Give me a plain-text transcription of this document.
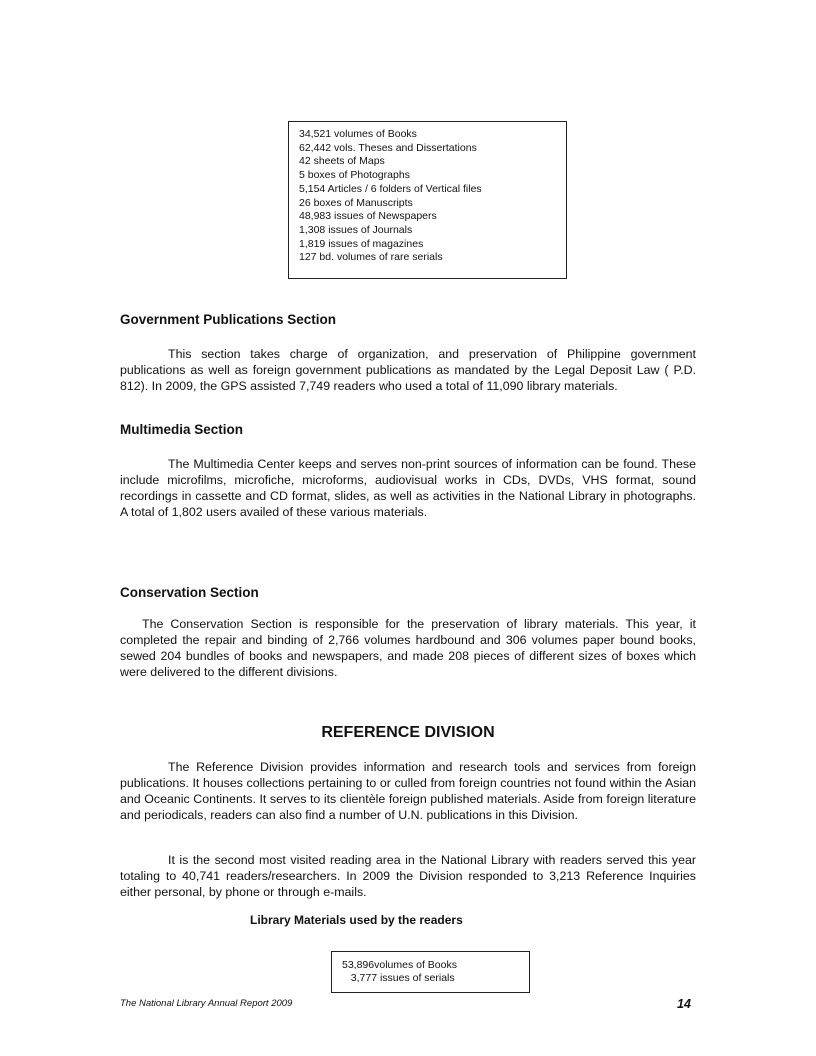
34,521 volumes of Books
62,442 vols. Theses and Dissertations
42 sheets of Maps
5 boxes of Photographs
5,154 Articles / 6 folders of Vertical files
26 boxes of Manuscripts
48,983 issues of Newspapers
1,308 issues of Journals
1,819 issues of magazines
127 bd. volumes of rare serials
Government Publications Section
This section takes charge of organization, and preservation of Philippine government publications as well as foreign government publications as mandated by the Legal Deposit Law ( P.D. 812). In 2009, the GPS assisted 7,749 readers who used a total of 11,090 library materials.
Multimedia Section
The Multimedia Center keeps and serves non-print sources of information can be found. These include microfilms, microfiche, microforms, audiovisual works in CDs, DVDs, VHS format, sound recordings in cassette and CD format, slides, as well as activities in the National Library in photographs. A total of 1,802 users availed of these various materials.
Conservation Section
The Conservation Section is responsible for the preservation of library materials. This year, it completed the repair and binding of 2,766 volumes hardbound and 306 volumes paper bound books, sewed 204 bundles of books and newspapers, and made 208 pieces of different sizes of boxes which were delivered to the different divisions.
REFERENCE DIVISION
The Reference Division provides information and research tools and services from foreign publications. It houses collections pertaining to or culled from foreign countries not found within the Asian and Oceanic Continents. It serves to its clientèle foreign published materials. Aside from foreign literature and periodicals, readers can also find a number of U.N. publications in this Division.
It is the second most visited reading area in the National Library with readers served this year totaling to 40,741 readers/researchers. In 2009 the Division responded to 3,213 Reference Inquiries either personal, by phone or through e-mails.
Library Materials used by the readers
53,896volumes of Books
3,777 issues of serials
The National Library Annual Report 2009	14
